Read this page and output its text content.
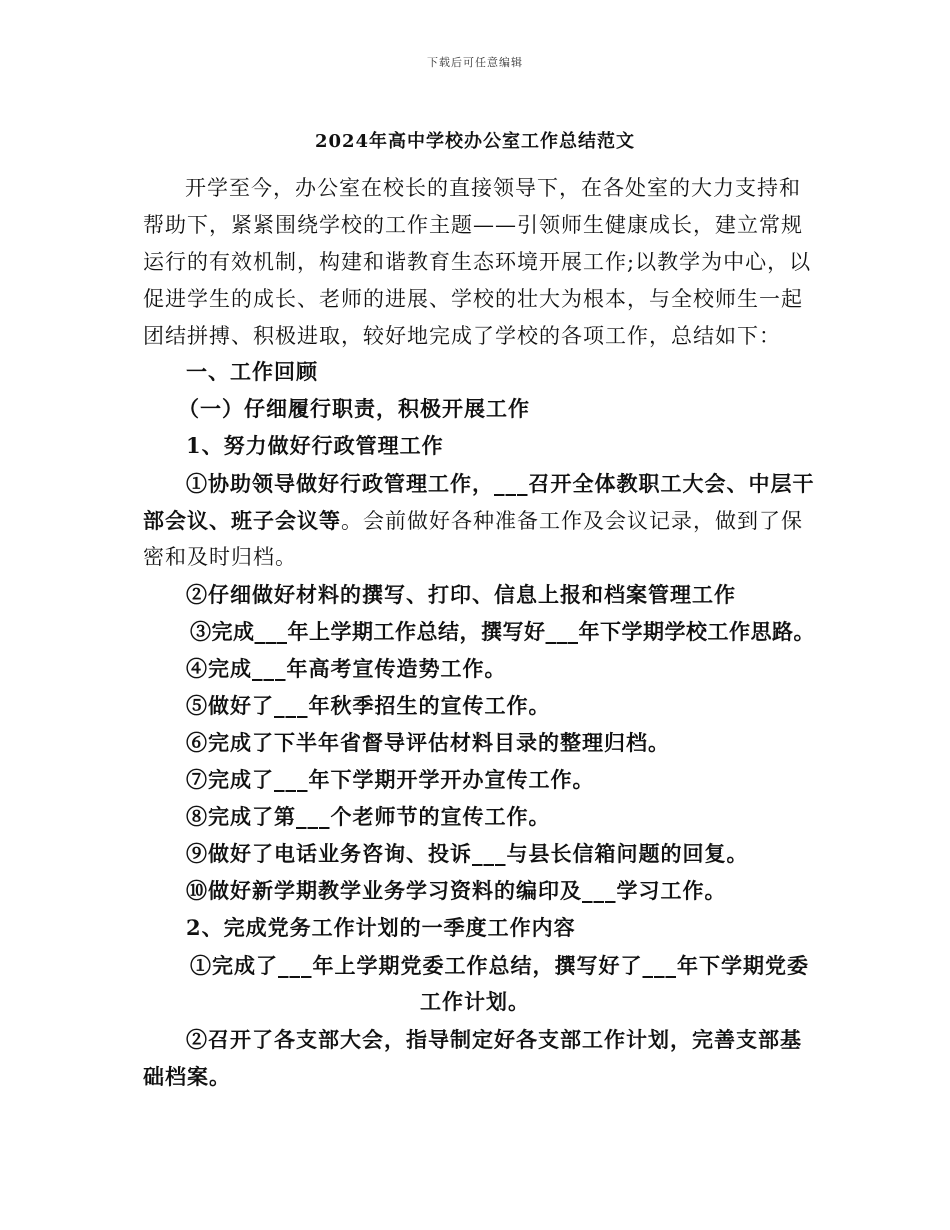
下载后可任意编辑
2024年高中学校办公室工作总结范文
开学至今，办公室在校长的直接领导下，在各处室的大力支持和
帮助下，紧紧围绕学校的工作主题——引领师生健康成长，建立常规
运行的有效机制，构建和谐教育生态环境开展工作;以教学为中心，以
促进学生的成长、老师的进展、学校的壮大为根本，与全校师生一起
团结拼搏、积极进取，较好地完成了学校的各项工作，总结如下：
一、工作回顾
（一）仔细履行职责，积极开展工作
1、努力做好行政管理工作
①协助领导做好行政管理工作，___召开全体教职工大会、中层干
部会议、班子会议等。会前做好各种准备工作及会议记录，做到了保
密和及时归档。
②仔细做好材料的撰写、打印、信息上报和档案管理工作
③完成___年上学期工作总结，撰写好___年下学期学校工作思路。
④完成___年高考宣传造势工作。
⑤做好了___年秋季招生的宣传工作。
⑥完成了下半年省督导评估材料目录的整理归档。
⑦完成了___年下学期开学开办宣传工作。
⑧完成了第___个老师节的宣传工作。
⑨做好了电话业务咨询、投诉___与县长信箱问题的回复。
⑩做好新学期教学业务学习资料的编印及___学习工作。
2、完成党务工作计划的一季度工作内容
①完成了___年上学期党委工作总结，撰写好了___年下学期党委
工作计划。
②召开了各支部大会，指导制定好各支部工作计划，完善支部基
础档案。
